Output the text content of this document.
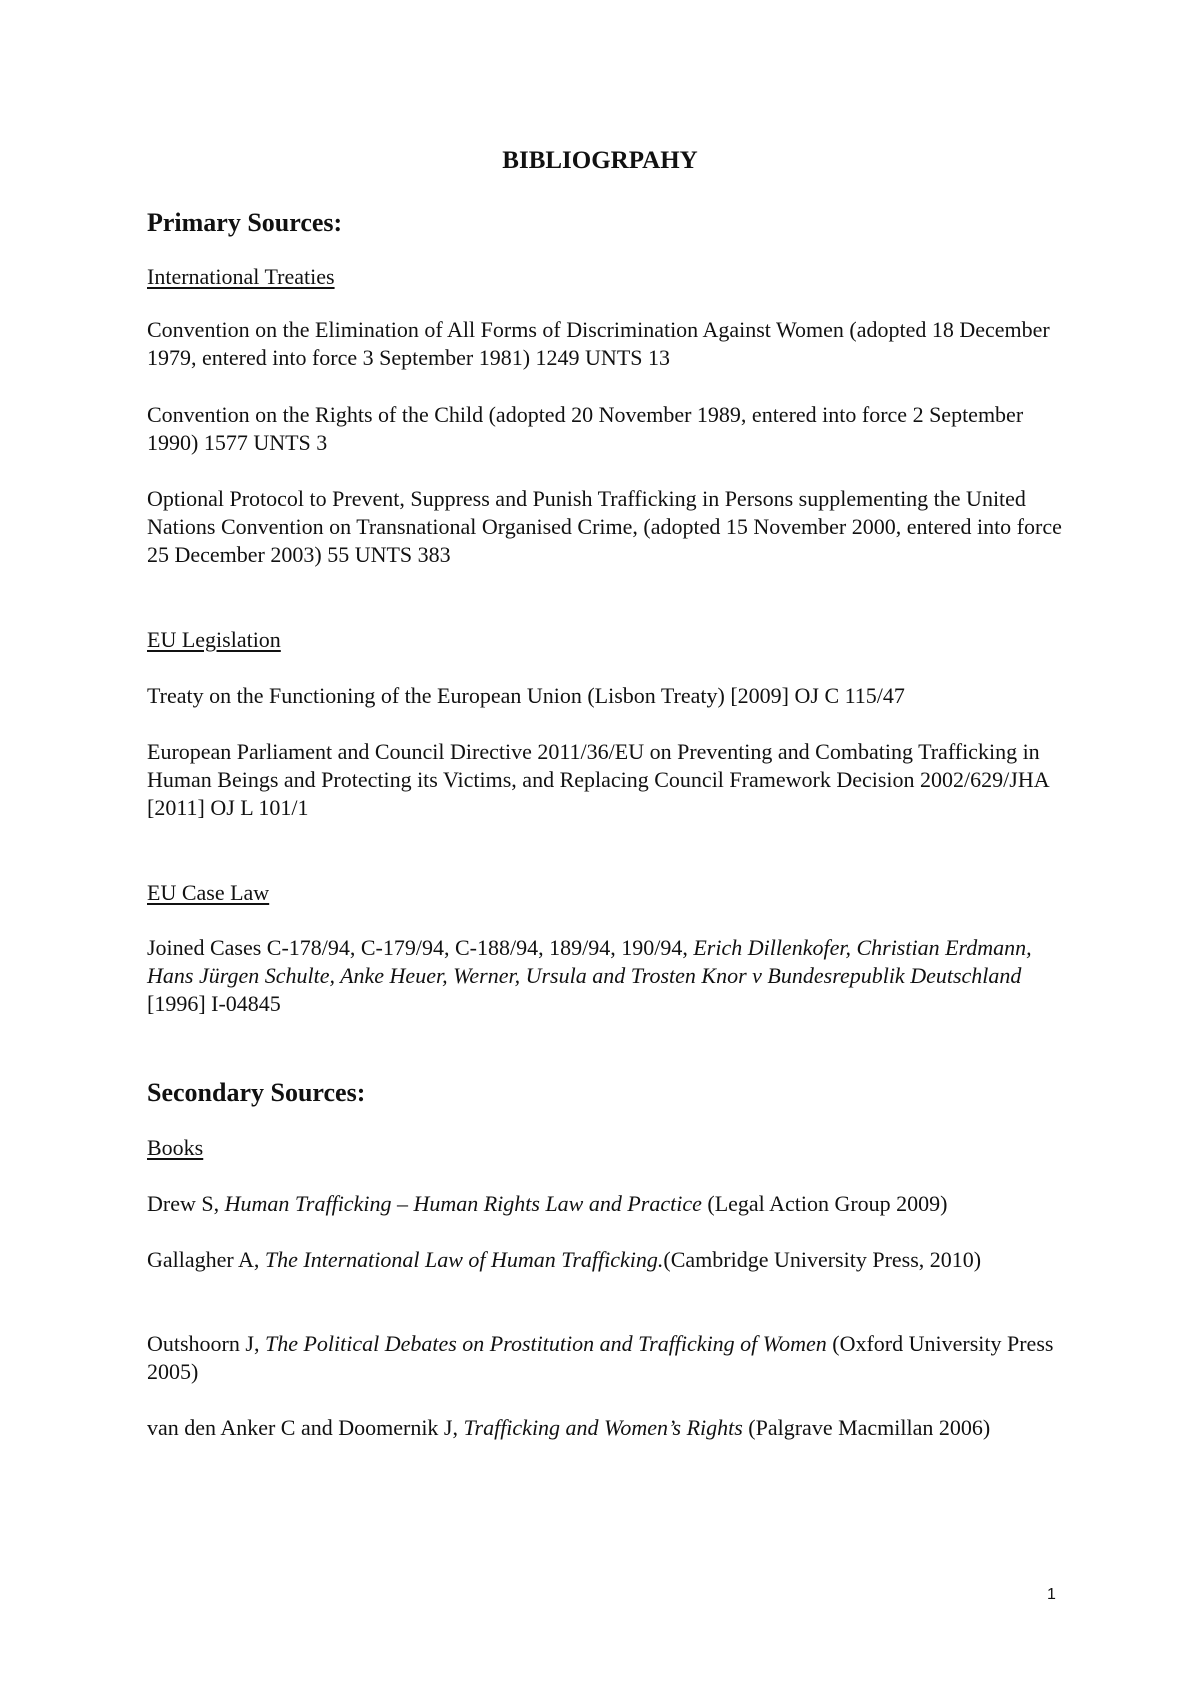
BIBLIOGRPAHY
Primary Sources:
International Treaties
Convention on the Elimination of All Forms of Discrimination Against Women (adopted 18 December 1979, entered into force 3 September 1981) 1249 UNTS 13
Convention on the Rights of the Child (adopted 20 November 1989, entered into force 2 September 1990) 1577 UNTS 3
Optional Protocol to Prevent, Suppress and Punish Trafficking in Persons supplementing the United Nations Convention on Transnational Organised Crime, (adopted 15 November 2000, entered into force 25 December 2003) 55 UNTS 383
EU Legislation
Treaty on the Functioning of the European Union (Lisbon Treaty) [2009] OJ C 115/47
European Parliament and Council Directive 2011/36/EU on Preventing and Combating Trafficking in Human Beings and Protecting its Victims, and Replacing Council Framework Decision 2002/629/JHA [2011] OJ L 101/1
EU Case Law
Joined Cases C-178/94, C-179/94, C-188/94, 189/94, 190/94, Erich Dillenkofer, Christian Erdmann, Hans Jürgen Schulte, Anke Heuer, Werner, Ursula and Trosten Knor v Bundesrepublik Deutschland [1996] I-04845
Secondary Sources:
Books
Drew S, Human Trafficking – Human Rights Law and Practice (Legal Action Group 2009)
Gallagher A, The International Law of Human Trafficking.(Cambridge University Press, 2010)
Outshoorn J, The Political Debates on Prostitution and Trafficking of Women (Oxford University Press 2005)
van den Anker C and Doomernik J, Trafficking and Women’s Rights (Palgrave Macmillan 2006)
1
